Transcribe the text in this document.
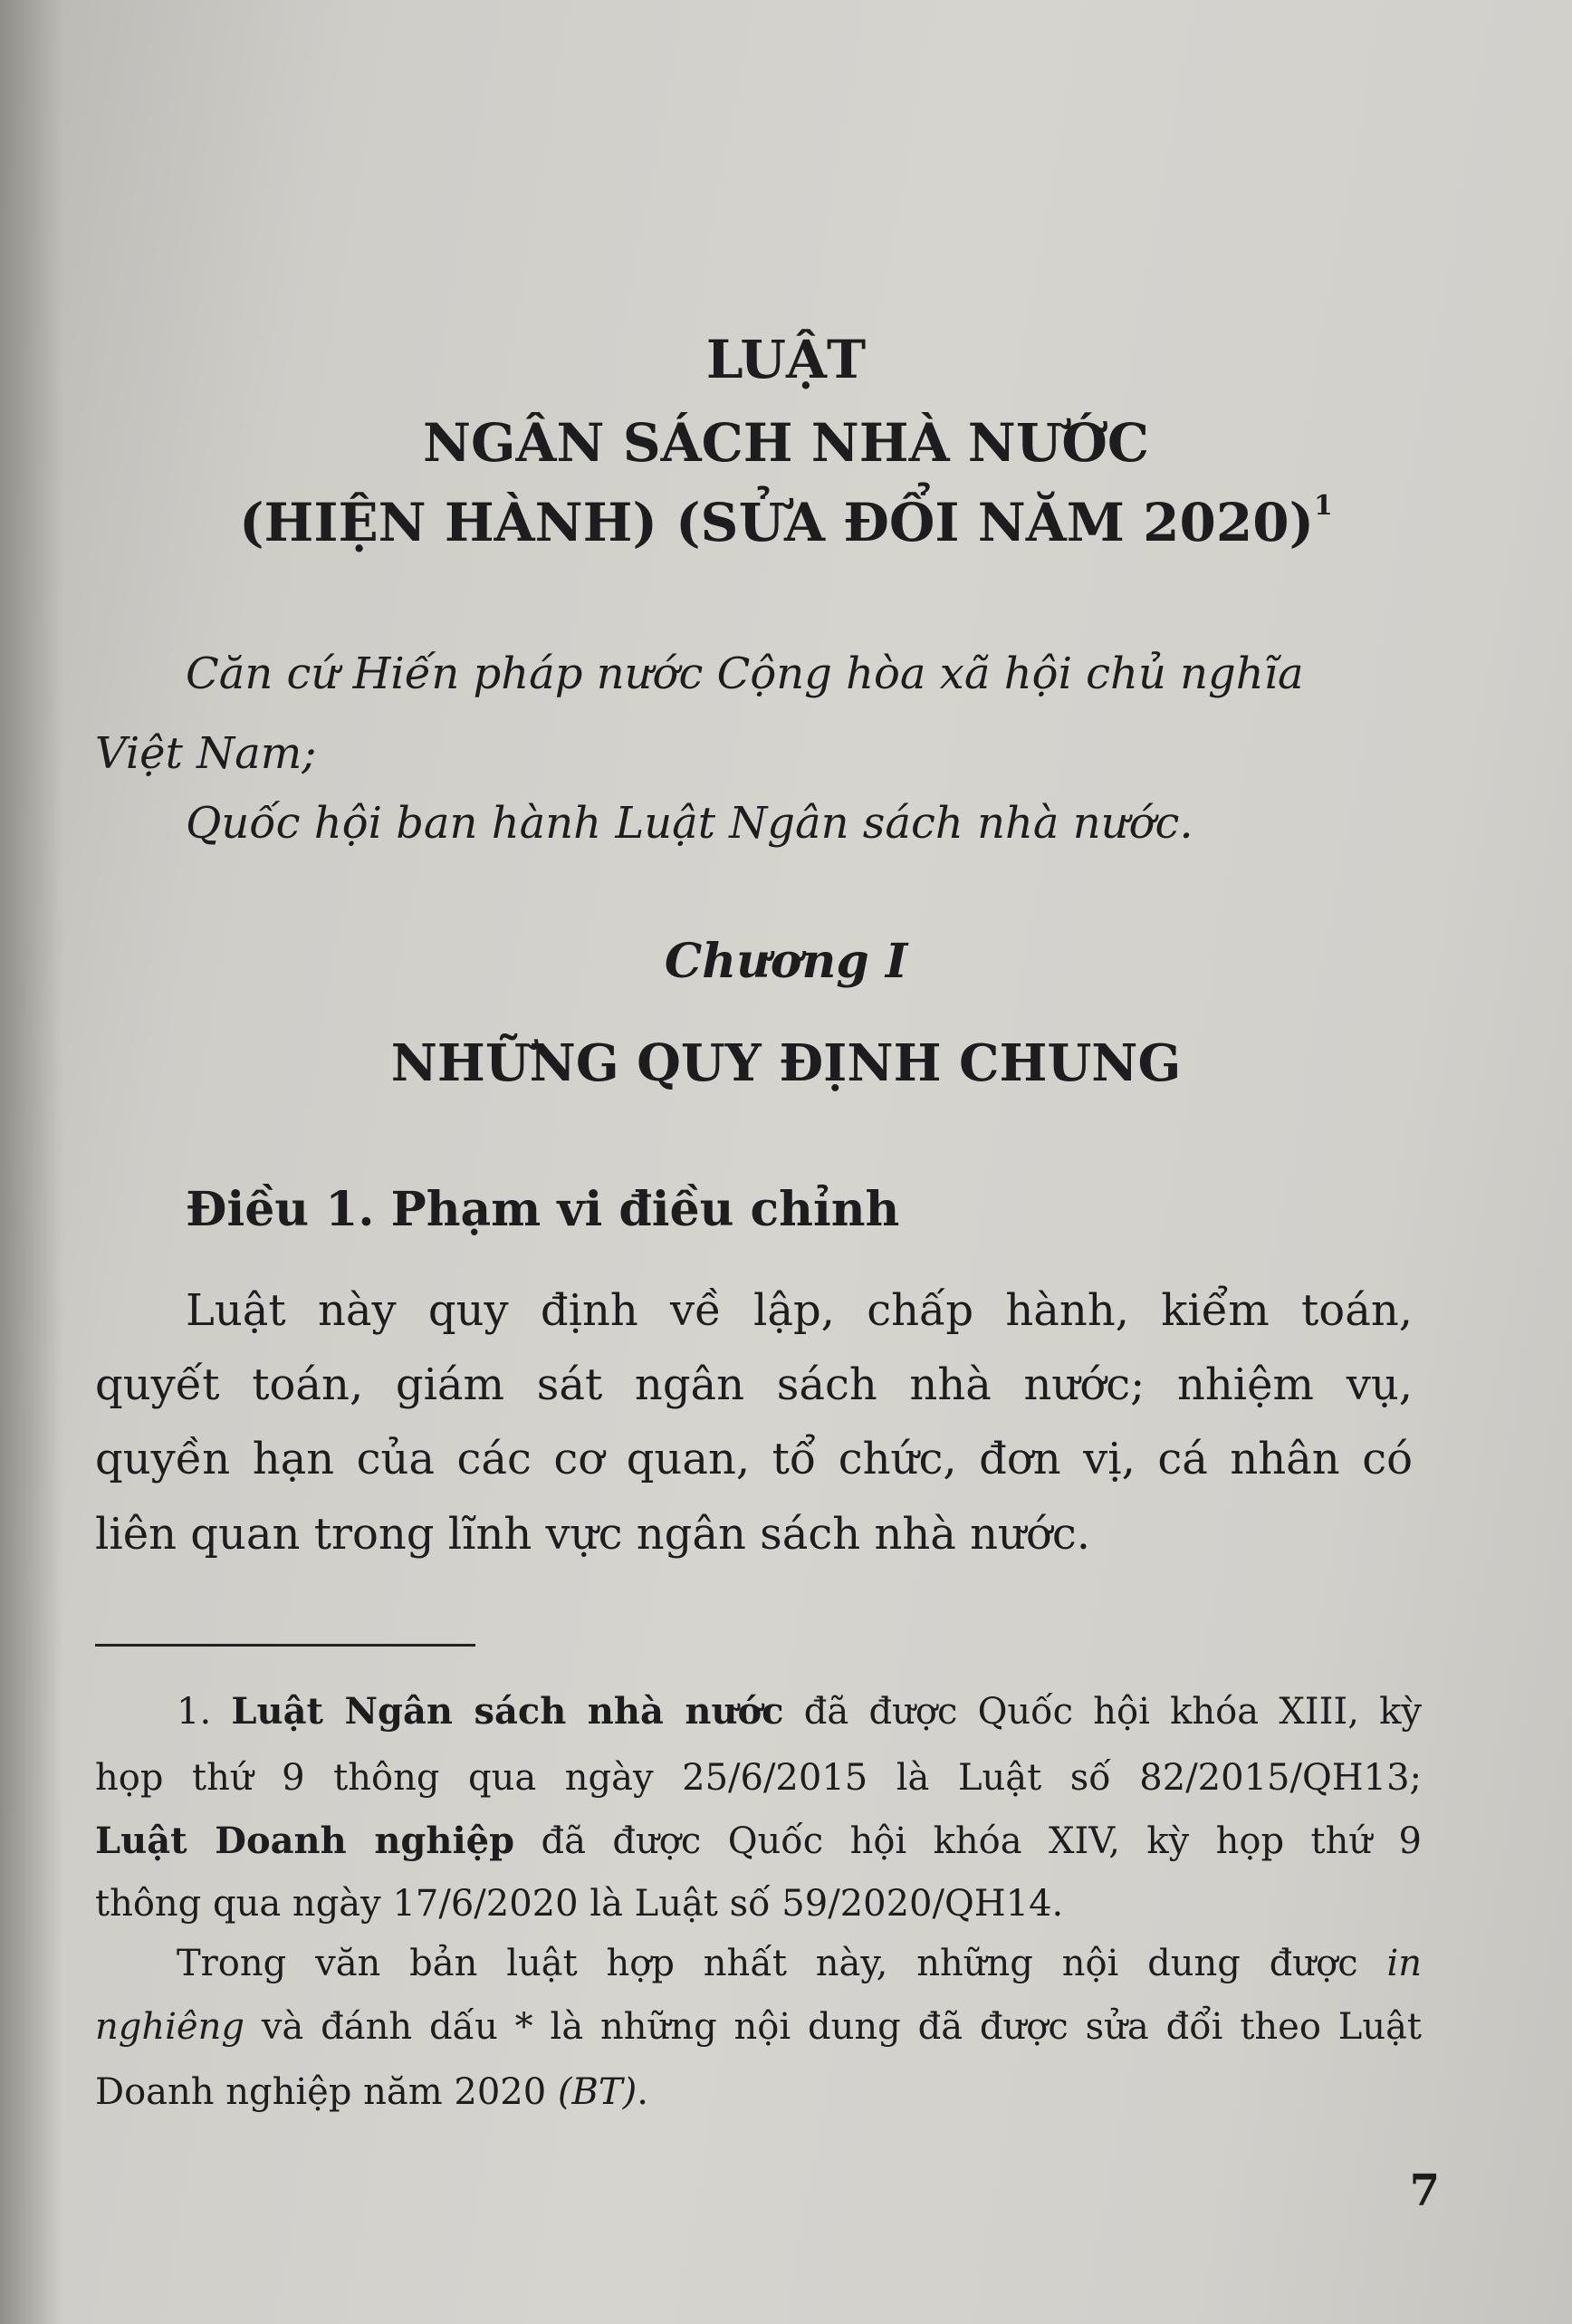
LUẬT

NGÂN SÁCH NHÀ NƯỚC

(HIỆN HÀNH) (SỬA ĐỔI NĂM 2020)$^1$

Căn cứ Hiến pháp nước Cộng hòa xã hội chủ nghĩa

Việt Nam;

Quốc hội ban hành Luật Ngân sách nhà nước.

Chương I

NHỮNG QUY ĐỊNH CHUNG

Điều 1. Phạm vi điều chỉnh

Luật này quy định về lập, chấp hành, kiểm toán,

quyết toán, giám sát ngân sách nhà nước; nhiệm vụ,

quyền hạn của các cơ quan, tổ chức, đơn vị, cá nhân có

liên quan trong lĩnh vực ngân sách nhà nước.

1. Luật Ngân sách nhà nước đã được Quốc hội khóa XIII, kỳ

họp thứ 9 thông qua ngày 25/6/2015 là Luật số 82/2015/QH13;

Luật Doanh nghiệp đã được Quốc hội khóa XIV, kỳ họp thứ 9

thông qua ngày 17/6/2020 là Luật số 59/2020/QH14.

Trong văn bản luật hợp nhất này, những nội dung được in

nghiêng và đánh dấu * là những nội dung đã được sửa đổi theo Luật

Doanh nghiệp năm 2020 (BT).

7
